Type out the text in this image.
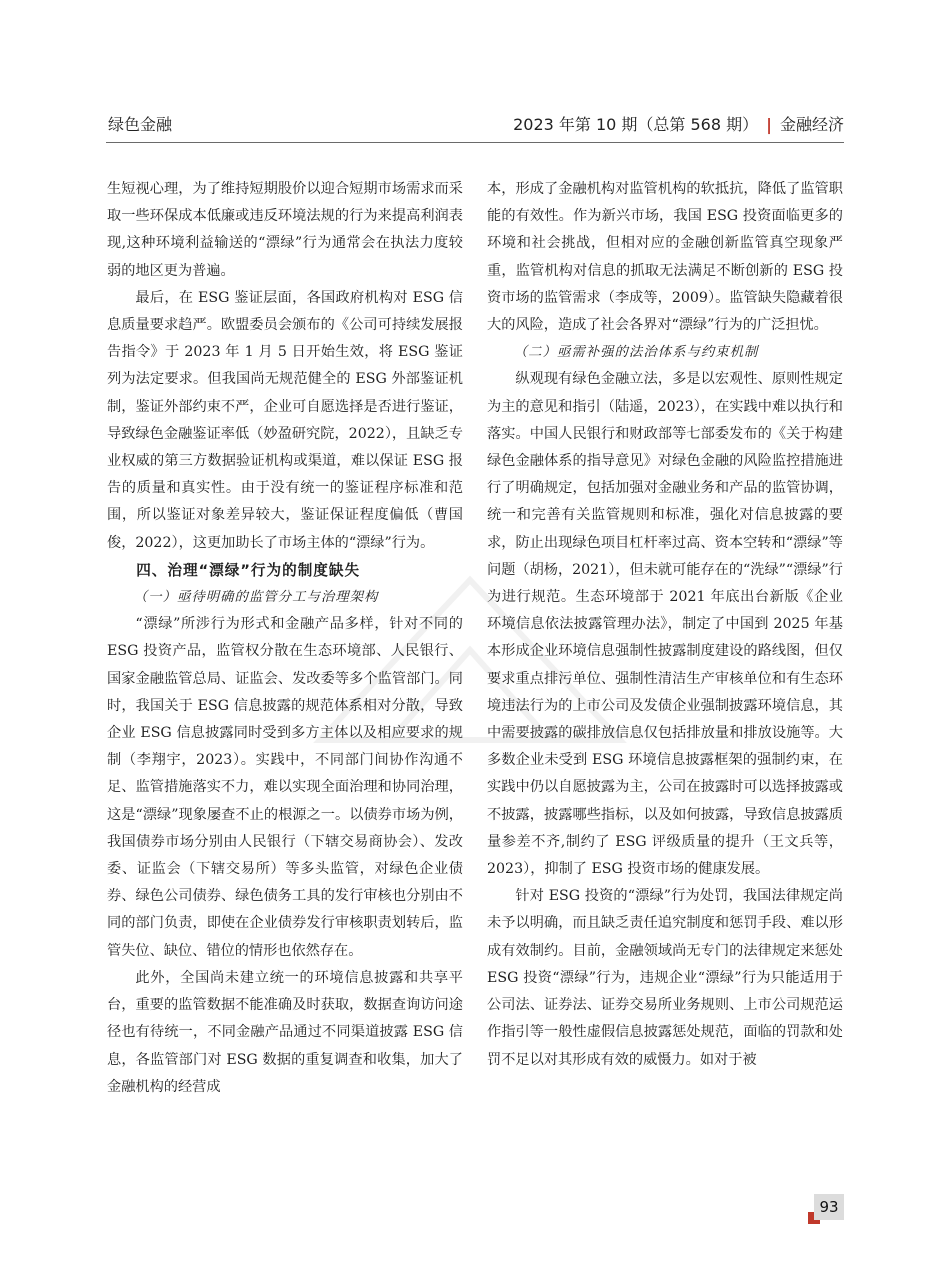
绿色金融	2023 年第 10 期（总第 568 期） | 金融经济

生短视心理，为了维持短期股价以迎合短期市场需求而采取一些环保成本低廉或违反环境法规的行为来提高利润表现,这种环境利益输送的“漂绿”行为通常会在执法力度较弱的地区更为普遍。

最后，在 ESG 鉴证层面，各国政府机构对 ESG 信息质量要求趋严。欧盟委员会颁布的《公司可持续发展报告指令》于 2023 年 1 月 5 日开始生效，将 ESG 鉴证列为法定要求。但我国尚无规范健全的 ESG 外部鉴证机制，鉴证外部约束不严，企业可自愿选择是否进行鉴证，导致绿色金融鉴证率低（妙盈研究院，2022），且缺乏专业权威的第三方数据验证机构或渠道，难以保证 ESG 报告的质量和真实性。由于没有统一的鉴证程序标准和范围，所以鉴证对象差异较大，鉴证保证程度偏低（曹国俊，2022），这更加助长了市场主体的“漂绿”行为。

四、治理“漂绿”行为的制度缺失
（一）亟待明确的监管分工与治理架构

“漂绿”所涉行为形式和金融产品多样，针对不同的 ESG 投资产品，监管权分散在生态环境部、人民银行、国家金融监管总局、证监会、发改委等多个监管部门。同时，我国关于 ESG 信息披露的规范体系相对分散，导致企业 ESG 信息披露同时受到多方主体以及相应要求的规制（李翔宇，2023）。实践中，不同部门间协作沟通不足、监管措施落实不力，难以实现全面治理和协同治理，这是“漂绿”现象屡查不止的根源之一。以债券市场为例，我国债券市场分别由人民银行（下辖交易商协会）、发改委、证监会（下辖交易所）等多头监管，对绿色企业债券、绿色公司债券、绿色债务工具的发行审核也分别由不同的部门负责，即使在企业债券发行审核职责划转后，监管失位、缺位、错位的情形也依然存在。

此外，全国尚未建立统一的环境信息披露和共享平台，重要的监管数据不能准确及时获取，数据查询访问途径也有待统一，不同金融产品通过不同渠道披露 ESG 信息，各监管部门对 ESG 数据的重复调查和收集，加大了金融机构的经营成

本，形成了金融机构对监管机构的软抵抗，降低了监管职能的有效性。作为新兴市场，我国 ESG 投资面临更多的环境和社会挑战，但相对应的金融创新监管真空现象严重，监管机构对信息的抓取无法满足不断创新的 ESG 投资市场的监管需求（李成等，2009）。监管缺失隐藏着很大的风险，造成了社会各界对“漂绿”行为的广泛担忧。

（二）亟需补强的法治体系与约束机制

纵观现有绿色金融立法，多是以宏观性、原则性规定为主的意见和指引（陆遥，2023），在实践中难以执行和落实。中国人民银行和财政部等七部委发布的《关于构建绿色金融体系的指导意见》对绿色金融的风险监控措施进行了明确规定，包括加强对金融业务和产品的监管协调，统一和完善有关监管规则和标准，强化对信息披露的要求，防止出现绿色项目杠杆率过高、资本空转和“漂绿”等问题（胡杨，2021），但未就可能存在的“洗绿”“漂绿”行为进行规范。生态环境部于 2021 年底出台新版《企业环境信息依法披露管理办法》，制定了中国到 2025 年基本形成企业环境信息强制性披露制度建设的路线图，但仅要求重点排污单位、强制性清洁生产审核单位和有生态环境违法行为的上市公司及发债企业强制披露环境信息，其中需要披露的碳排放信息仅包括排放量和排放设施等。大多数企业未受到 ESG 环境信息披露框架的强制约束，在实践中仍以自愿披露为主，公司在披露时可以选择披露或不披露，披露哪些指标，以及如何披露，导致信息披露质量参差不齐,制约了 ESG 评级质量的提升（王文兵等，2023），抑制了 ESG 投资市场的健康发展。

针对 ESG 投资的“漂绿”行为处罚，我国法律规定尚未予以明确，而且缺乏责任追究制度和惩罚手段、难以形成有效制约。目前，金融领域尚无专门的法律规定来惩处 ESG 投资“漂绿”行为，违规企业“漂绿”行为只能适用于公司法、证券法、证券交易所业务规则、上市公司规范运作指引等一般性虚假信息披露惩处规范，面临的罚款和处罚不足以对其形成有效的威慑力。如对于被

93
